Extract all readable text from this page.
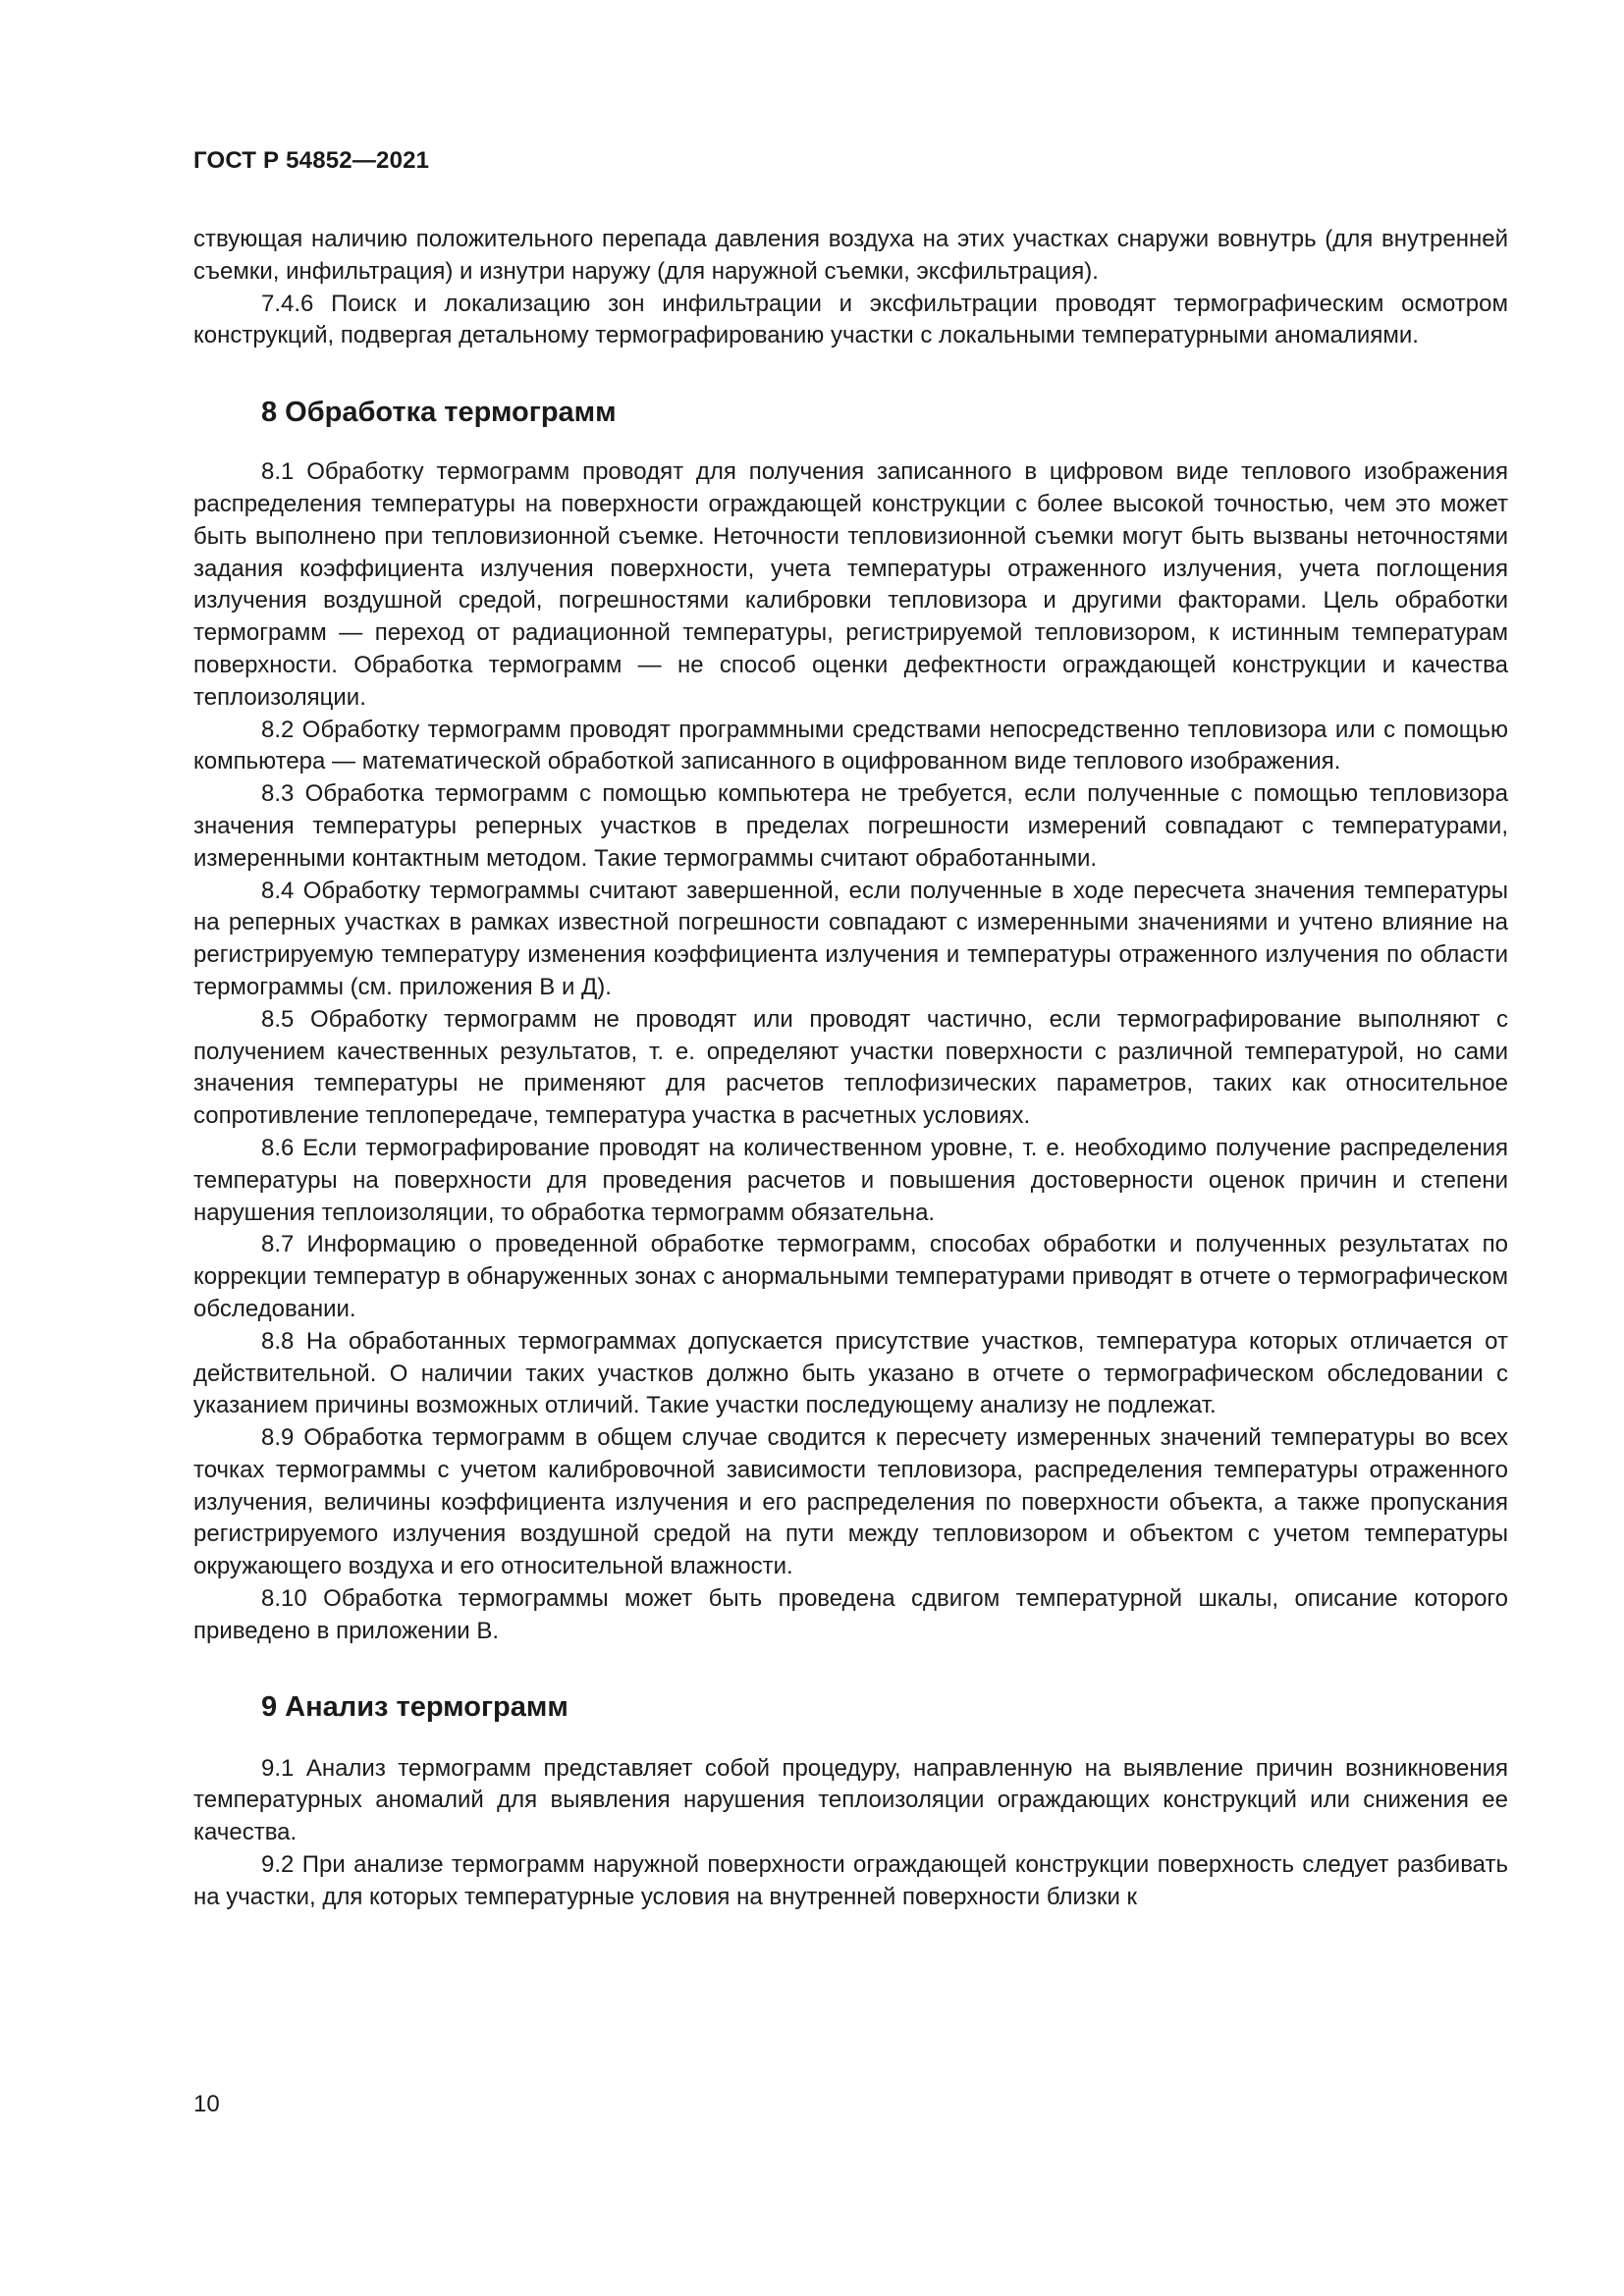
ГОСТ Р 54852—2021

ствующая наличию положительного перепада давления воздуха на этих участках снаружи вовнутрь (для внутренней съемки, инфильтрация) и изнутри наружу (для наружной съемки, эксфильтрация).

7.4.6 Поиск и локализацию зон инфильтрации и эксфильтрации проводят термографическим осмотром конструкций, подвергая детальному термографированию участки с локальными температурными аномалиями.

8 Обработка термограмм

8.1 Обработку термограмм проводят для получения записанного в цифровом виде теплового изображения распределения температуры на поверхности ограждающей конструкции с более высокой точностью, чем это может быть выполнено при тепловизионной съемке. Неточности тепловизионной съемки могут быть вызваны неточностями задания коэффициента излучения поверхности, учета температуры отраженного излучения, учета поглощения излучения воздушной средой, погрешностями калибровки тепловизора и другими факторами. Цель обработки термограмм — переход от радиационной температуры, регистрируемой тепловизором, к истинным температурам поверхности. Обработка термограмм — не способ оценки дефектности ограждающей конструкции и качества теплоизоляции.

8.2 Обработку термограмм проводят программными средствами непосредственно тепловизора или с помощью компьютера — математической обработкой записанного в оцифрованном виде теплового изображения.

8.3 Обработка термограмм с помощью компьютера не требуется, если полученные с помощью тепловизора значения температуры реперных участков в пределах погрешности измерений совпадают с температурами, измеренными контактным методом. Такие термограммы считают обработанными.

8.4 Обработку термограммы считают завершенной, если полученные в ходе пересчета значения температуры на реперных участках в рамках известной погрешности совпадают с измеренными значениями и учтено влияние на регистрируемую температуру изменения коэффициента излучения и температуры отраженного излучения по области термограммы (см. приложения В и Д).

8.5 Обработку термограмм не проводят или проводят частично, если термографирование выполняют с получением качественных результатов, т. е. определяют участки поверхности с различной температурой, но сами значения температуры не применяют для расчетов теплофизических параметров, таких как относительное сопротивление теплопередаче, температура участка в расчетных условиях.

8.6 Если термографирование проводят на количественном уровне, т. е. необходимо получение распределения температуры на поверхности для проведения расчетов и повышения достоверности оценок причин и степени нарушения теплоизоляции, то обработка термограмм обязательна.

8.7 Информацию о проведенной обработке термограмм, способах обработки и полученных результатах по коррекции температур в обнаруженных зонах с анормальными температурами приводят в отчете о термографическом обследовании.

8.8 На обработанных термограммах допускается присутствие участков, температура которых отличается от действительной. О наличии таких участков должно быть указано в отчете о термографическом обследовании с указанием причины возможных отличий. Такие участки последующему анализу не подлежат.

8.9 Обработка термограмм в общем случае сводится к пересчету измеренных значений температуры во всех точках термограммы с учетом калибровочной зависимости тепловизора, распределения температуры отраженного излучения, величины коэффициента излучения и его распределения по поверхности объекта, а также пропускания регистрируемого излучения воздушной средой на пути между тепловизором и объектом с учетом температуры окружающего воздуха и его относительной влажности.

8.10 Обработка термограммы может быть проведена сдвигом температурной шкалы, описание которого приведено в приложении В.

9 Анализ термограмм

9.1 Анализ термограмм представляет собой процедуру, направленную на выявление причин возникновения температурных аномалий для выявления нарушения теплоизоляции ограждающих конструкций или снижения ее качества.

9.2 При анализе термограмм наружной поверхности ограждающей конструкции поверхность следует разбивать на участки, для которых температурные условия на внутренней поверхности близки к

10
